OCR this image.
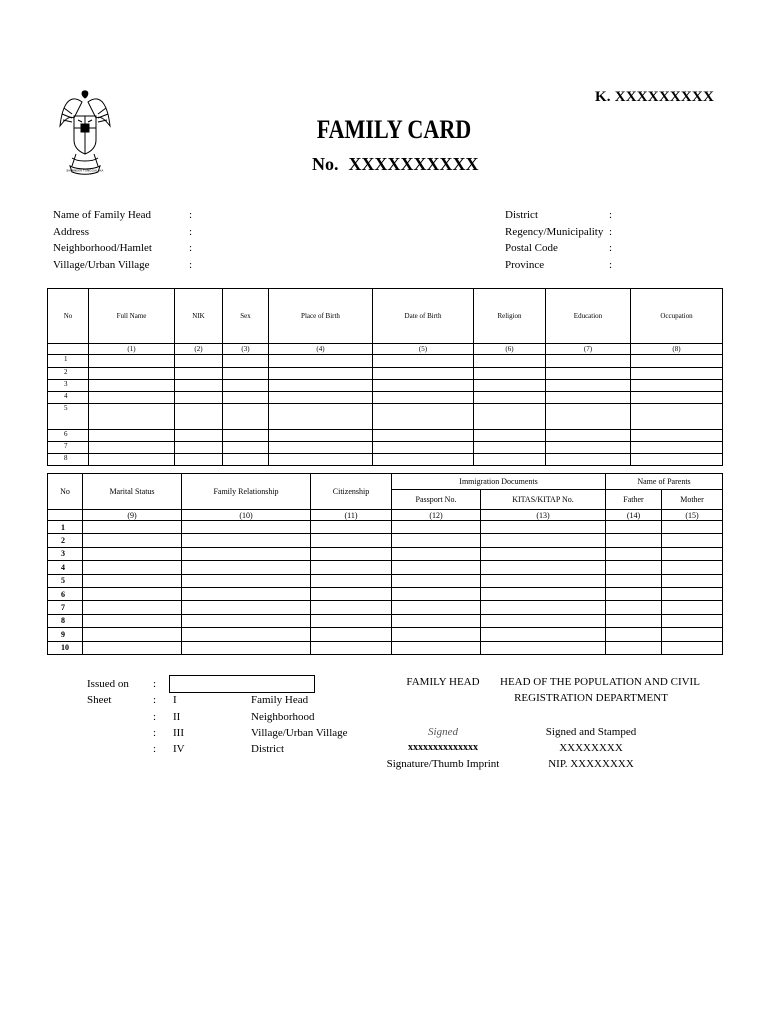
BHINNEKA TUNGGAL IKA
K. XXXXXXXXX
FAMILY CARD
No. XXXXXXXXXX
Name of Family Head	:
Address	:
Neighborhood/Hamlet	:
Village/Urban Village	:
District	:
Regency/Municipality :
Postal Code	:
Province	:
No	Full Name	NIK	Sex	Place of Birth	Date of Birth	Religion	Education	Occupation
	(1)	(2)	(3)	(4)	(5)	(6)	(7)	(8)
1								
2								
3								
4								
5								
6								
7								
8								
No	Marital Status	Family Relationship	Citizenship	Immigration Documents		Name of Parents	
				Passport No.	KITAS/KITAP No.	Father	Mother
	(9)	(10)	(11)	(12)	(13)	(14)	(15)
1							
2							
3							
4							
5							
6							
7							
8							
9							
10							
Issued on :
Sheet	: I	Family Head
: II	Neighborhood
: III	Village/Urban Village
: IV	District
FAMILY HEAD
Signed
xxxxxxxxxxxxxx
Signature/Thumb Imprint
HEAD OF THE POPULATION AND CIVIL
REGISTRATION DEPARTMENT
Signed and Stamped
XXXXXXXX
NIP. XXXXXXXX
